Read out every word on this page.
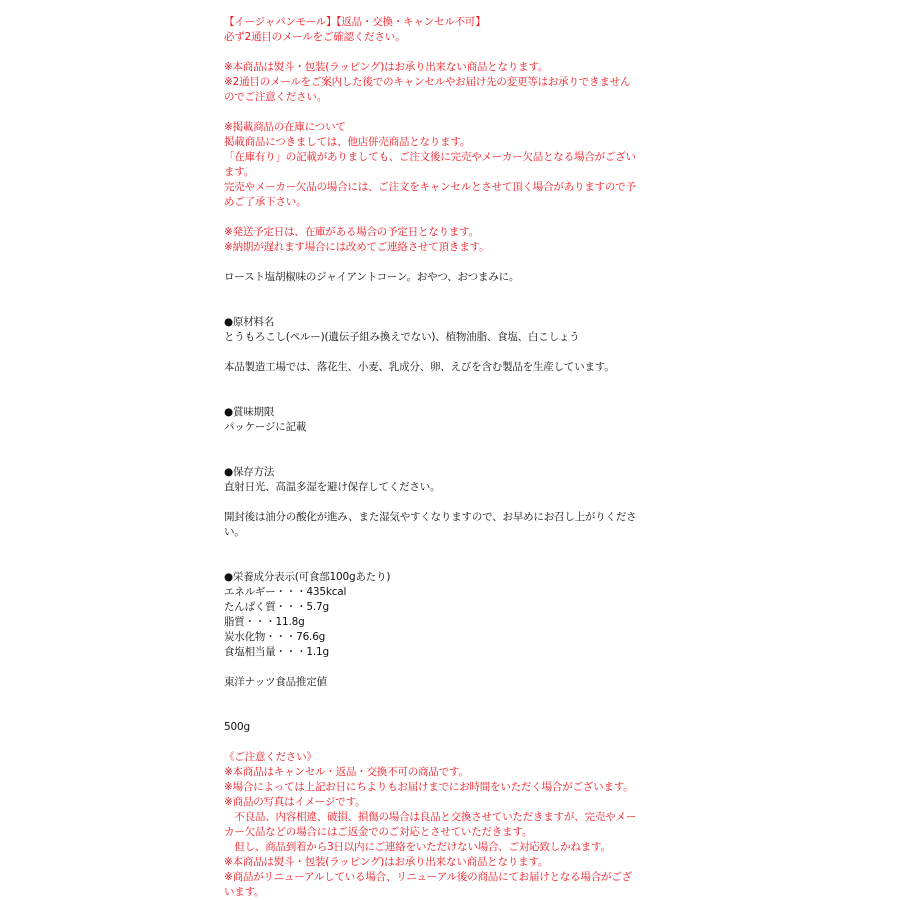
【イージャパンモール】【返品・交換・キャンセル不可】
必ず2通目のメールをご確認ください。
※本商品は熨斗・包装(ラッピング)はお承り出来ない商品となります。
※2通目のメールをご案内した後でのキャンセルやお届け先の変更等はお承りできません
のでご注意ください。
※掲載商品の在庫について
掲載商品につきましては、他店併売商品となります。
「在庫有り」の記載がありましても、ご注文後に完売やメーカー欠品となる場合がござい
ます。
完売やメーカー欠品の場合には、ご注文をキャンセルとさせて頂く場合がありますので予
めご了承下さい。
※発送予定日は、在庫がある場合の予定日となります。
※納期が遅れます場合には改めてご連絡させて頂きます。
ロースト塩胡椒味のジャイアントコーン。おやつ、おつまみに。
●原材料名
とうもろこし(ペルー)(遺伝子組み換えでない)、植物油脂、食塩、白こしょう
本品製造工場では、落花生、小麦、乳成分、卵、えびを含む製品を生産しています。
●賞味期限
パッケージに記載
●保存方法
直射日光、高温多湿を避け保存してください。
開封後は油分の酸化が進み、また湿気やすくなりますので、お早めにお召し上がりくださ
い。
●栄養成分表示(可食部100gあたり)
エネルギー・・・435kcal
たんぱく質・・・5.7g
脂質・・・11.8g
炭水化物・・・76.6g
食塩相当量・・・1.1g
東洋ナッツ食品推定値
500g
《ご注意ください》
※本商品はキャンセル・返品・交換不可の商品です。
※場合によっては上記お日にちよりもお届けまでにお時間をいただく場合がございます。
※商品の写真はイメージです。
　不良品、内容相違、破損、損傷の場合は良品と交換させていただきますが、完売やメー
カー欠品などの場合にはご返金でのご対応とさせていただきます。
　但し、商品到着から3日以内にご連絡をいただけない場合、ご対応致しかねます。
※本商品は熨斗・包装(ラッピング)はお承り出来ない商品となります。
※商品がリニューアルしている場合、リニューアル後の商品にてお届けとなる場合がござ
います。
